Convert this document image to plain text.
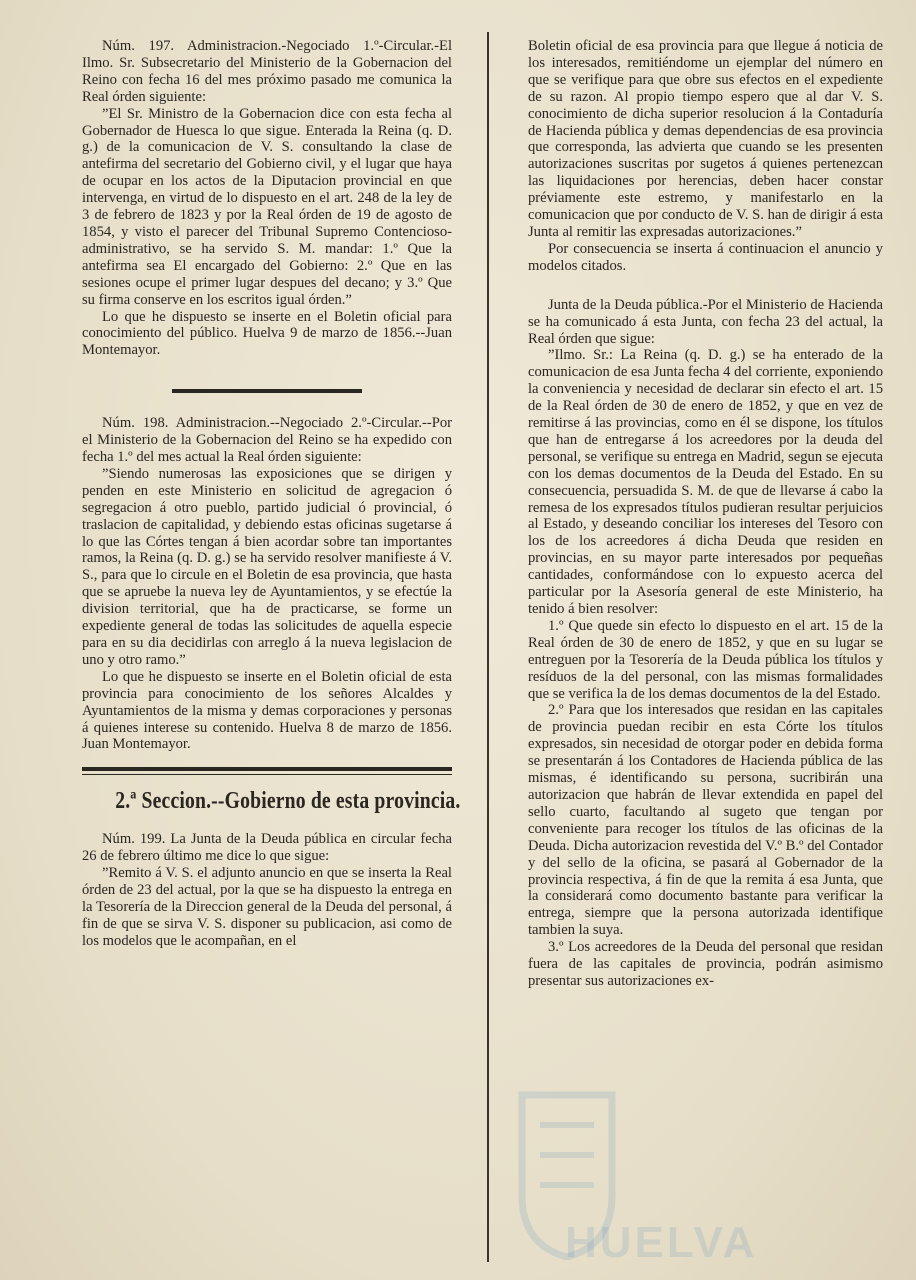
Núm. 197. Administracion.-Negociado 1.º-Circular.-El Ilmo. Sr. Subsecretario del Ministerio de la Gobernacion del Reino con fecha 16 del mes próximo pasado me comunica la Real órden siguiente:

”El Sr. Ministro de la Gobernacion dice con esta fecha al Gobernador de Huesca lo que sigue. Enterada la Reina (q. D. g.) de la comunicacion de V. S. consultando la clase de antefirma del secretario del Gobierno civil, y el lugar que haya de ocupar en los actos de la Diputacion provincial en que intervenga, en virtud de lo dispuesto en el art. 248 de la ley de 3 de febrero de 1823 y por la Real órden de 19 de agosto de 1854, y visto el parecer del Tribunal Supremo Contencioso-administrativo, se ha servido S. M. mandar: 1.º Que la antefirma sea El encargado del Gobierno: 2.º Que en las sesiones ocupe el primer lugar despues del decano; y 3.º Que su firma conserve en los escritos igual órden.”

Lo que he dispuesto se inserte en el Boletin oficial para conocimiento del público. Huelva 9 de marzo de 1856.--Juan Montemayor.

Núm. 198. Administracion.--Negociado 2.º-Circular.--Por el Ministerio de la Gobernacion del Reino se ha expedido con fecha 1.º del mes actual la Real órden siguiente:

”Siendo numerosas las exposiciones que se dirigen y penden en este Ministerio en solicitud de agregacion ó segregacion á otro pueblo, partido judicial ó provincial, ó traslacion de capitalidad, y debiendo estas oficinas sugetarse á lo que las Córtes tengan á bien acordar sobre tan importantes ramos, la Reina (q. D. g.) se ha servido resolver manifieste á V. S., para que lo circule en el Boletin de esa provincia, que hasta que se apruebe la nueva ley de Ayuntamientos, y se efectúe la division territorial, que ha de practicarse, se forme un expediente general de todas las solicitudes de aquella especie para en su dia decidirlas con arreglo á la nueva legislacion de uno y otro ramo.”

Lo que he dispuesto se inserte en el Boletin oficial de esta provincia para conocimiento de los señores Alcaldes y Ayuntamientos de la misma y demas corporaciones y personas á quienes interese su contenido. Huelva 8 de marzo de 1856. Juan Montemayor.

2.ª Seccion.--Gobierno de esta provincia.

Núm. 199. La Junta de la Deuda pública en circular fecha 26 de febrero último me dice lo que sigue:

”Remito á V. S. el adjunto anuncio en que se inserta la Real órden de 23 del actual, por la que se ha dispuesto la entrega en la Tesorería de la Direccion general de la Deuda del personal, á fin de que se sirva V. S. disponer su publicacion, asi como de los modelos que le acompañan, en el

Boletin oficial de esa provincia para que llegue á noticia de los interesados, remitiéndome un ejemplar del número en que se verifique para que obre sus efectos en el expediente de su razon. Al propio tiempo espero que al dar V. S. conocimiento de dicha superior resolucion á la Contaduría de Hacienda pública y demas dependencias de esa provincia que corresponda, las advierta que cuando se les presenten autorizaciones suscritas por sugetos á quienes pertenezcan las liquidaciones por herencias, deben hacer constar préviamente este estremo, y manifestarlo en la comunicacion que por conducto de V. S. han de dirigir á esta Junta al remitir las expresadas autorizaciones.”

Por consecuencia se inserta á continuacion el anuncio y modelos citados.

Junta de la Deuda pública.-Por el Ministerio de Hacienda se ha comunicado á esta Junta, con fecha 23 del actual, la Real órden que sigue:

”Ilmo. Sr.: La Reina (q. D. g.) se ha enterado de la comunicacion de esa Junta fecha 4 del corriente, exponiendo la conveniencia y necesidad de declarar sin efecto el art. 15 de la Real órden de 30 de enero de 1852, y que en vez de remitirse á las provincias, como en él se dispone, los títulos que han de entregarse á los acreedores por la deuda del personal, se verifique su entrega en Madrid, segun se ejecuta con los demas documentos de la Deuda del Estado. En su consecuencia, persuadida S. M. de que de llevarse á cabo la remesa de los expresados títulos pudieran resultar perjuicios al Estado, y deseando conciliar los intereses del Tesoro con los de los acreedores á dicha Deuda que residen en provincias, en su mayor parte interesados por pequeñas cantidades, conformándose con lo expuesto acerca del particular por la Asesoría general de este Ministerio, ha tenido á bien resolver:

1.º Que quede sin efecto lo dispuesto en el art. 15 de la Real órden de 30 de enero de 1852, y que en su lugar se entreguen por la Tesorería de la Deuda pública los títulos y resíduos de la del personal, con las mismas formalidades que se verifica la de los demas documentos de la del Estado.

2.º Para que los interesados que residan en las capitales de provincia puedan recibir en esta Córte los títulos expresados, sin necesidad de otorgar poder en debida forma se presentarán á los Contadores de Hacienda pública de las mismas, é identificando su persona, sucribirán una autorizacion que habrán de llevar extendida en papel del sello cuarto, facultando al sugeto que tengan por conveniente para recoger los títulos de las oficinas de la Deuda. Dicha autorizacion revestida del V.º B.º del Contador y del sello de la oficina, se pasará al Gobernador de la provincia respectiva, á fin de que la remita á esa Junta, que la considerará como documento bastante para verificar la entrega, siempre que la persona autorizada identifique tambien la suya.

3.º Los acreedores de la Deuda del personal que residan fuera de las capitales de provincia, podrán asimismo presentar sus autorizaciones ex-

HUELVA
